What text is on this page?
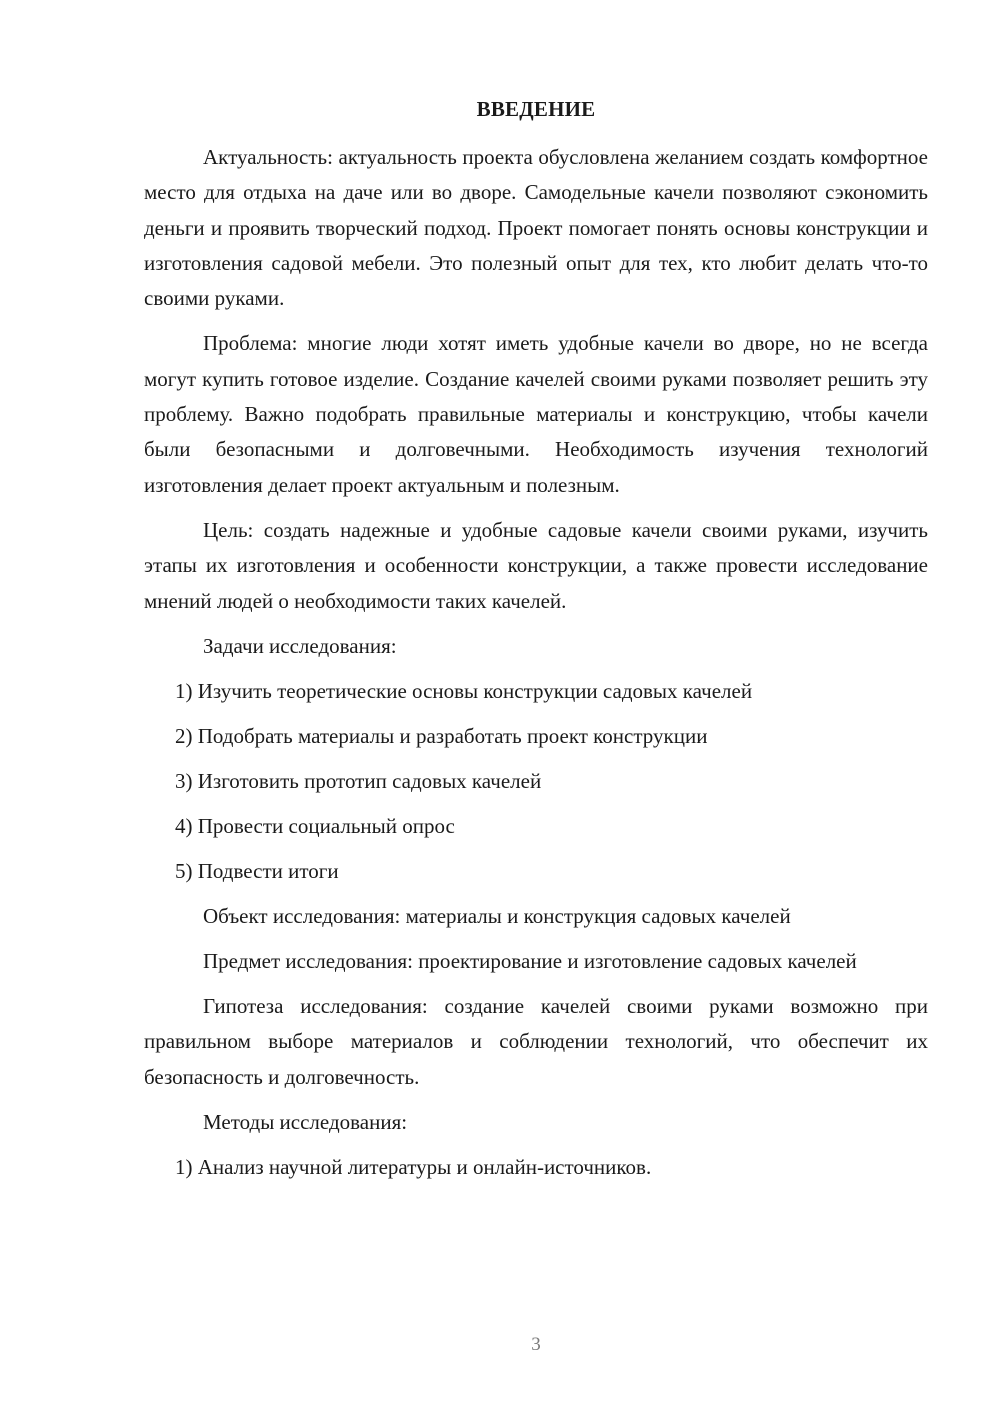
ВВЕДЕНИЕ

Актуальность: актуальность проекта обусловлена желанием создать комфортное место для отдыха на даче или во дворе. Самодельные качели позволяют сэкономить деньги и проявить творческий подход. Проект помогает понять основы конструкции и изготовления садовой мебели. Это полезный опыт для тех, кто любит делать что-то своими руками.

Проблема: многие люди хотят иметь удобные качели во дворе, но не всегда могут купить готовое изделие. Создание качелей своими руками позволяет решить эту проблему. Важно подобрать правильные материалы и конструкцию, чтобы качели были безопасными и долговечными. Необходимость изучения технологий изготовления делает проект актуальным и полезным.

Цель: создать надежные и удобные садовые качели своими руками, изучить этапы их изготовления и особенности конструкции, а также провести исследование мнений людей о необходимости таких качелей.

Задачи исследования:

1) Изучить теоретические основы конструкции садовых качелей
2) Подобрать материалы и разработать проект конструкции
3) Изготовить прототип садовых качелей
4) Провести социальный опрос
5) Подвести итоги

Объект исследования: материалы и конструкция садовых качелей

Предмет исследования: проектирование и изготовление садовых качелей

Гипотеза исследования: создание качелей своими руками возможно при правильном выборе материалов и соблюдении технологий, что обеспечит их безопасность и долговечность.

Методы исследования:

1) Анализ научной литературы и онлайн-источников.
3
